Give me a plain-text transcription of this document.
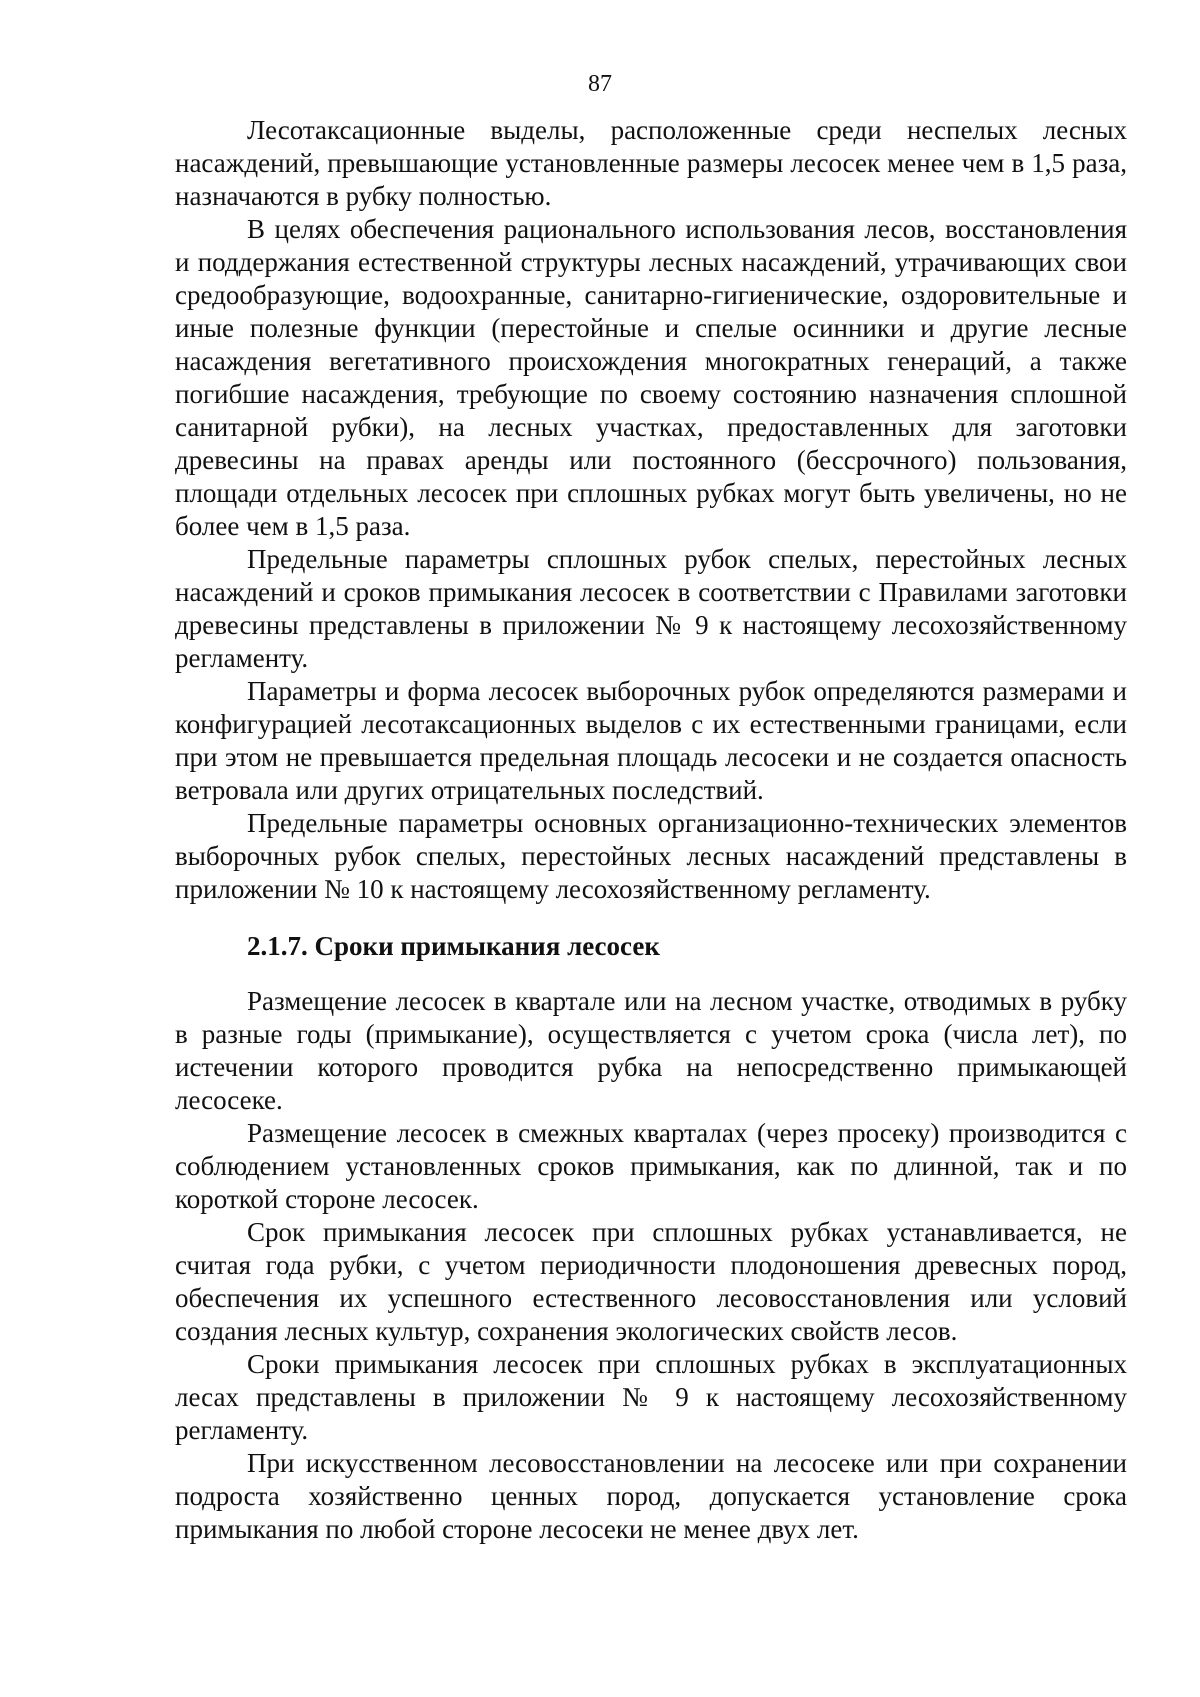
87

Лесотаксационные выделы, расположенные среди неспелых лесных насаждений, превышающие установленные размеры лесосек менее чем в 1,5 раза, назначаются в рубку полностью.

В целях обеспечения рационального использования лесов, восстановления и поддержания естественной структуры лесных насаждений, утрачивающих свои средообразующие, водоохранные, санитарно-гигиенические, оздоровительные и иные полезные функции (перестойные и спелые осинники и другие лесные насаждения вегетативного происхождения многократных генераций, а также погибшие насаждения, требующие по своему состоянию назначения сплошной санитарной рубки), на лесных участках, предоставленных для заготовки древесины на правах аренды или постоянного (бессрочного) пользования, площади отдельных лесосек при сплошных рубках могут быть увеличены, но не более чем в 1,5 раза.

Предельные параметры сплошных рубок спелых, перестойных лесных насаждений и сроков примыкания лесосек в соответствии с Правилами заготовки древесины представлены в приложении № 9 к настоящему лесохозяйственному регламенту.

Параметры и форма лесосек выборочных рубок определяются размерами и конфигурацией лесотаксационных выделов с их естественными границами, если при этом не превышается предельная площадь лесосеки и не создается опасность ветровала или других отрицательных последствий.

Предельные параметры основных организационно-технических элементов выборочных рубок спелых, перестойных лесных насаждений представлены в приложении № 10 к настоящему лесохозяйственному регламенту.

2.1.7. Сроки примыкания лесосек

Размещение лесосек в квартале или на лесном участке, отводимых в рубку в разные годы (примыкание), осуществляется с учетом срока (числа лет), по истечении которого проводится рубка на непосредственно примыкающей лесосеке.

Размещение лесосек в смежных кварталах (через просеку) производится с соблюдением установленных сроков примыкания, как по длинной, так и по короткой стороне лесосек.

Срок примыкания лесосек при сплошных рубках устанавливается, не считая года рубки, с учетом периодичности плодоношения древесных пород, обеспечения их успешного естественного лесовосстановления или условий создания лесных культур, сохранения экологических свойств лесов.

Сроки примыкания лесосек при сплошных рубках в эксплуатационных лесах представлены в приложении № 9 к настоящему лесохозяйственному регламенту.

При искусственном лесовосстановлении на лесосеке или при сохранении подроста хозяйственно ценных пород, допускается установление срока примыкания по любой стороне лесосеки не менее двух лет.
